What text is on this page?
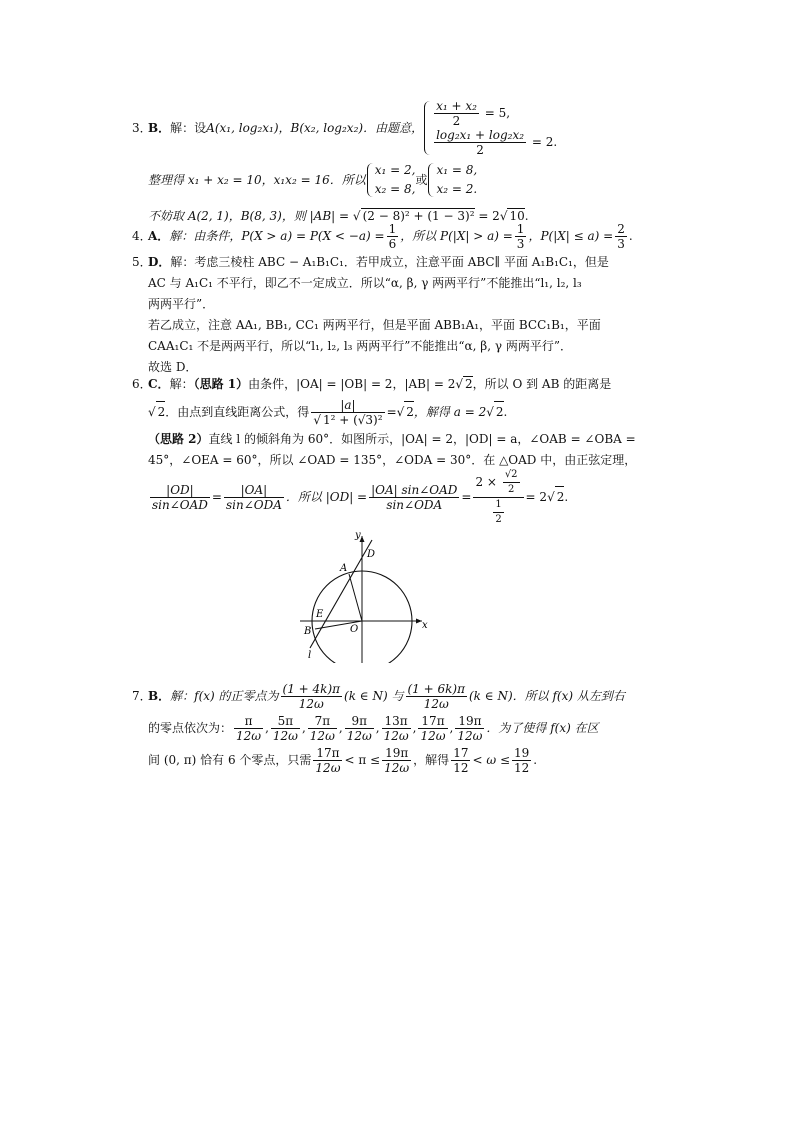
3．
B． 解：设 A(x₁, log₂x₁)，B(x₂, log₂x₂)．由题意， $\frac{\text{x₁ + x₂}}{2} = 5$,
$\frac{\text{log₂x₁ + log₂x₂}}{2} = 2$.
整理得 x₁ + x₂ = 10，x₁x₂ = 16．所以
x₁ = 2,
x₂ = 8,
或
x₁ = 8,
x₂ = 2.
不妨取 A(2, 1)，B(8, 3)，则 |AB| = √ (2 − 8)² + (1 − 3)² = 2√ 10.
4．
A． 解：由条件，$P(X > a) = P(X < -a) = \frac{1}{6}$ ，所以 $P(|X| > a) = \frac{1}{3}$ ，$P(|X| \le a) = \frac{2}{3}$ .
5．D．解：考虑三棱柱 ABC − A₁B₁C₁．若甲成立，注意平面 ABC∥ 平面 A₁B₁C₁，但是
AC 与 A₁C₁ 不平行，即乙不一定成立．所以“α, β, γ 两两平行”不能推出“l₁, l₂, l₃
两两平行”．
若乙成立，注意 AA₁, BB₁, CC₁ 两两平行，但是平面 ABB₁A₁，平面 BCC₁B₁，平面
CAA₁C₁ 不是两两平行，所以“l₁, l₂, l₃ 两两平行”不能推出“α, β, γ 两两平行”．
故选 D．
6．C．解：（思路 1）由条件，|OA| = |OB| = 2，|AB| = 2√ 2，所以 O 到 AB 的距离是
√ 2 ．由点到直线距离公式，得 $\frac{|a|}{\text{√ 1² + (√3)²}}$ = √ 2 ，解得 a = 2 √ 2 .
（思路 2）直线 l 的倾斜角为 60°．如图所示，|OA| = 2，|OD| = a，∠OAB = ∠OBA =
45°，∠OEA = 60°，所以 ∠OAD = 135°，∠ODA = 30°．在 △OAD 中，由正弦定理，
$\frac{|OD|}{\text{sin∠OAD}} = \frac{|OA|}{\text{sin∠ODA}}$ ．所以 $|OD| = \frac{\text{|OA| sin∠OAD}}{\text{sin∠ODA}} = \frac{2 \times \frac{√2}{2}}{\frac{1}{2}} = 2$ √ 2 .
y
x
D
A
E
B	O
l
7．
B． 解：f(x) 的正零点为 $\frac{(1 + 4k)\pi}{12\omega} (k$ ∈ N) 与 $\frac{(1 + 6k)\pi}{12\omega} (k$ ∈ N)．所以 f(x) 从左到右
的零点依次为： $\frac{\pi}{12\omega}$ , $\frac{5\pi}{12\omega}$ , $\frac{7\pi}{12\omega}$ , $\frac{9\pi}{12\omega}$ , $\frac{13\pi}{12\omega}$ , $\frac{17\pi}{12\omega}$ , $\frac{19\pi}{12\omega}$ ．为了使得 f(x) 在区
间 (0, π) 恰有 6 个零点，只需 $\frac{17\pi}{12\omega} < \pi \le \frac{19\pi}{12\omega}$ ，解得 $\frac{17}{12} < \omega \le \frac{19}{12}$ .
